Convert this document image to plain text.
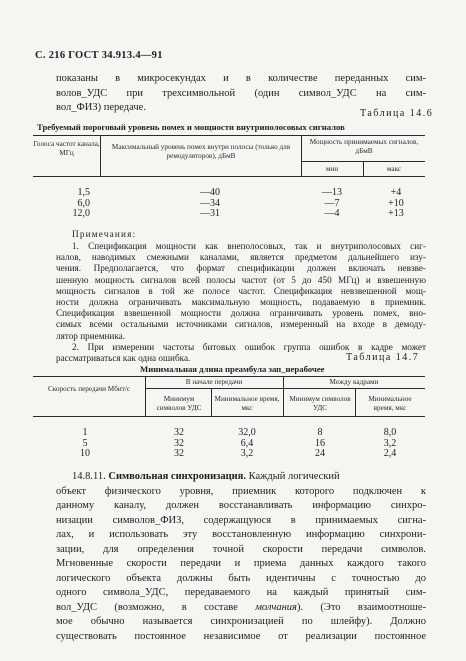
С. 216 ГОСТ 34.913.4—91
показаны в микросекундах и в количестве переданных сим-
волов_УДС при трехсимвольной (один символ_УДС на сим-
вол_ФИЗ) передаче.
Таблица 14.6
Требуемый пороговый уровень помех и мощности внутриполосовых сигналов
Голоса частот канала, МГц
Максимальный уровень помех внутри полосы (только для ремодуляторов), дБмВ
Мощность принимаемых сигналов, дБмВ
мин	макс
1,5	—40	—13	+4
6,0	—34	—7	+10
12,0	—31	—4	+13
Примечания:
1. Спецификация мощности как внеполосовых, так и внутриполосовых сиг-
налов, наводимых смежными каналами, является предметом дальнейшего изу-
чения. Предполагается, что формат спецификации должен включать невзве-
шенную мощность сигналов всей полосы частот (от 5 до 450 МГц) и взвешенную
мощность сигналов в той же полосе частот. Спецификация невзвешенной мощ-
ности должна ограничивать максимальную мощность, подаваемую в приемник.
Спецификация взвешенной мощности должна ограничивать уровень помех, вно-
симых всеми остальными источниками сигналов, измеренный на входе в демоду-
лятор приемника.
2. При измерении частоты битовых ошибок группа ошибок в кадре может
рассматриваться как одна ошибка.	Таблица 14.7
Минимальная длина преамбула зап_нерабочее
Скорость передачи Мбит/с
В начале передачи	Между кадрами
Минимум символов УДС
Минимальное время, мкс
Минимум символов УДС
Минимальное время, мкс
1	32	32,0	8	8,0
5	32	6,4	16	3,2
10	32	3,2	24	2,4
14.8.11. Символьная синхронизация. Каждый логический
объект физического уровня, приемник которого подключен к
данному каналу, должен восстанавливать информацию синхро-
низации символов_ФИЗ, содержащуюся в принимаемых сигна-
лах, и использовать эту восстановленную информацию синхрони-
зации, для определения точной скорости передачи символов.
Мгновенные скорости передачи и приема данных каждого такого
логического объекта должны быть идентичны с точностью до
одного символа_УДС, передаваемого на каждый принятый сим-
вол_УДС (возможно, в составе молчания). (Это взаимоотноше-
мое обычно называется синхронизацией по шлейфу). Должно
существовать постоянное независимое от реализации постоянное
